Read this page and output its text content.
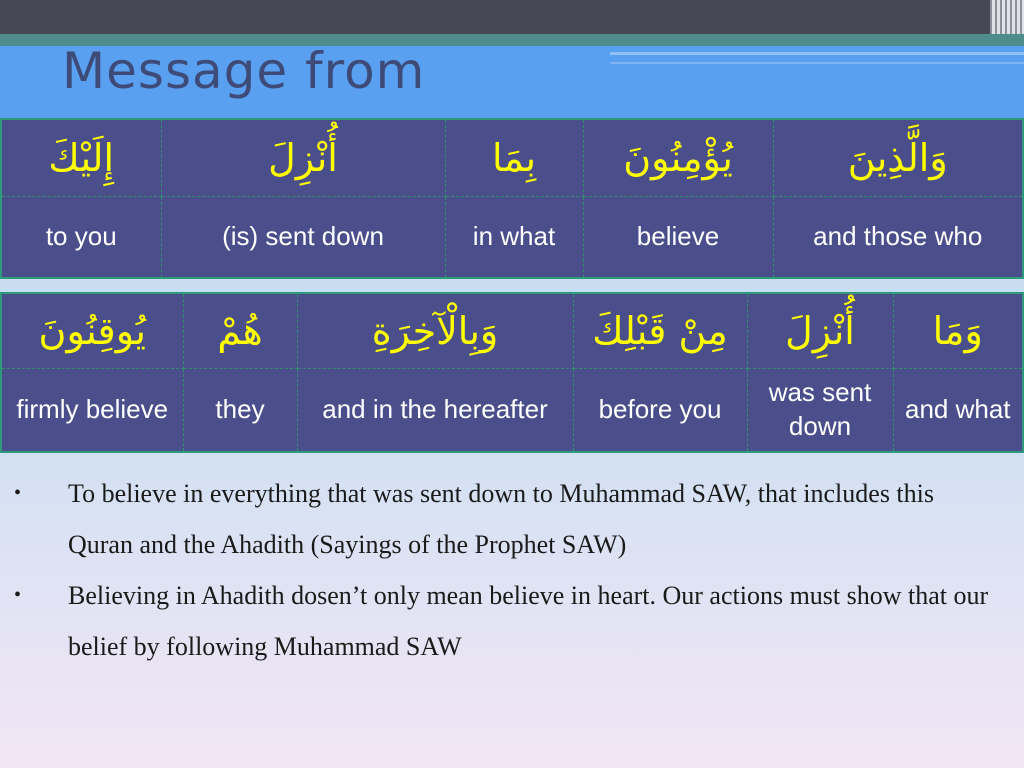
Message from
إِلَيْكَ	أُنْزِلَ	بِمَا	يُؤْمِنُونَ	وَالَّذِينَ
to you	(is) sent down	in what	believe	and those who
يُوقِنُونَ	هُمْ	وَبِالْآخِرَةِ	مِنْ قَبْلِكَ	أُنْزِلَ	وَمَا
firmly believe	they	and in the hereafter	before you	was sent down	and what
• To believe in everything that was sent down to Muhammad SAW, that includes this Quran and the Ahadith (Sayings of the Prophet SAW)
• Believing in Ahadith dosen’t only mean believe in heart. Our actions must show that our belief by following Muhammad SAW
